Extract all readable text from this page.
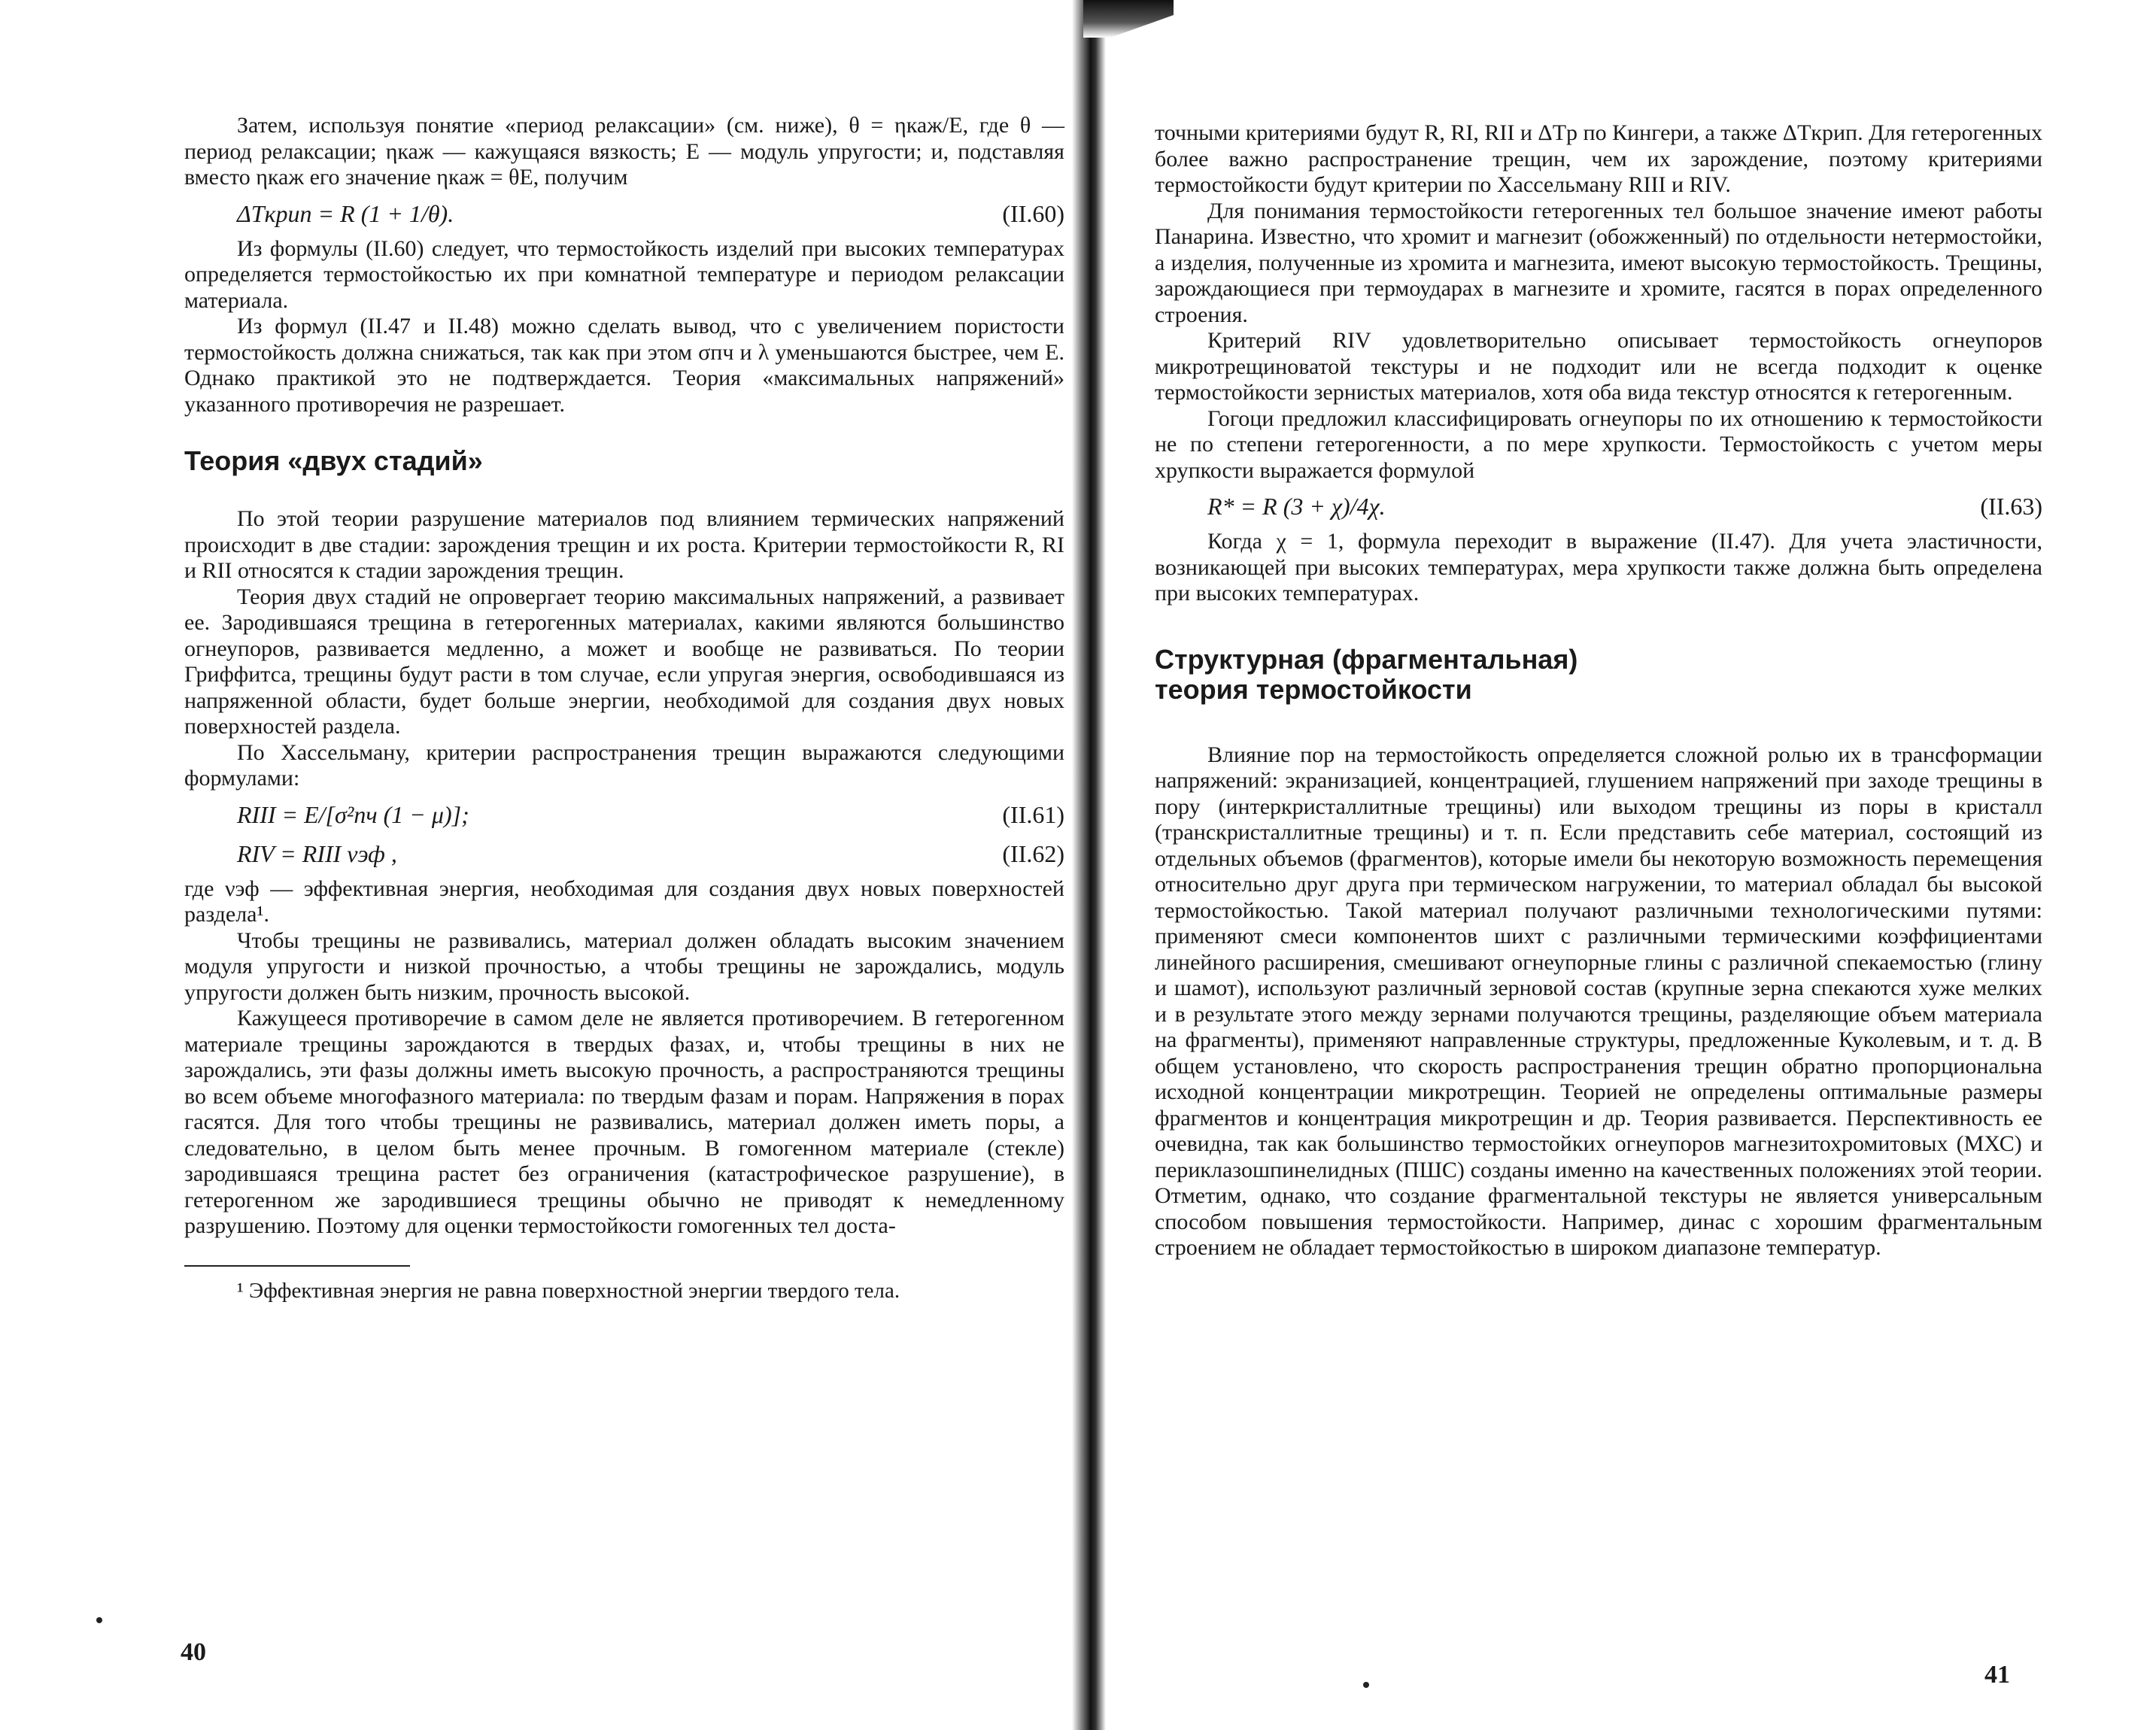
Затем, используя понятие «период релаксации» (см. ниже), θ = ηкаж/E, где θ — период релаксации; ηкаж — кажущаяся вязкость; E — модуль упругости; и, подставляя вместо ηкаж его значение ηкаж = θE, получим

ΔTкрип = R (1 + 1/θ).	(II.60)

Из формулы (II.60) следует, что термостойкость изделий при высоких температурах определяется термостойкостью их при комнатной температуре и периодом релаксации материала.

Из формул (II.47 и II.48) можно сделать вывод, что с увеличением пористости термостойкость должна снижаться, так как при этом σпч и λ уменьшаются быстрее, чем E. Однако практикой это не подтверждается. Теория «максимальных напряжений» указанного противоречия не разрешает.

Теория «двух стадий»

По этой теории разрушение материалов под влиянием термических напряжений происходит в две стадии: зарождения трещин и их роста. Критерии термостойкости R, RI и RII относятся к стадии зарождения трещин.

Теория двух стадий не опровергает теорию максимальных напряжений, а развивает ее. Зародившаяся трещина в гетерогенных материалах, какими являются большинство огнеупоров, развивается медленно, а может и вообще не развиваться. По теории Гриффитса, трещины будут расти в том случае, если упругая энергия, освободившаяся из напряженной области, будет больше энергии, необходимой для создания двух новых поверхностей раздела.

По Хассельману, критерии распространения трещин выражаются следующими формулами:

RIII = E/[σ²пч (1 − μ)];	(II.61)
RIV = RIII νэф ,	(II.62)

где νэф — эффективная энергия, необходимая для создания двух новых поверхностей раздела¹.

Чтобы трещины не развивались, материал должен обладать высоким значением модуля упругости и низкой прочностью, а чтобы трещины не зарождались, модуль упругости должен быть низким, прочность высокой.

Кажущееся противоречие в самом деле не является противоречием. В гетерогенном материале трещины зарождаются в твердых фазах, и, чтобы трещины в них не зарождались, эти фазы должны иметь высокую прочность, а распространяются трещины во всем объеме многофазного материала: по твердым фазам и порам. Напряжения в порах гасятся. Для того чтобы трещины не развивались, материал должен иметь поры, а следовательно, в целом быть менее прочным. В гомогенном материале (стекле) зародившаяся трещина растет без ограничения (катастрофическое разрушение), в гетерогенном же зародившиеся трещины обычно не приводят к немедленному разрушению. Поэтому для оценки термостойкости гомогенных тел доста-

¹ Эффективная энергия не равна поверхностной энергии твердого тела.

40

точными критериями будут R, RI, RII и ΔTp по Кингери, а также ΔTкрип. Для гетерогенных более важно распространение трещин, чем их зарождение, поэтому критериями термостойкости будут критерии по Хассельману RIII и RIV.

Для понимания термостойкости гетерогенных тел большое значение имеют работы Панарина. Известно, что хромит и магнезит (обожженный) по отдельности нетермостойки, а изделия, полученные из хромита и магнезита, имеют высокую термостойкость. Трещины, зарождающиеся при термоударах в магнезите и хромите, гасятся в порах определенного строения.

Критерий RIV удовлетворительно описывает термостойкость огнеупоров микротрещиноватой текстуры и не подходит или не всегда подходит к оценке термостойкости зернистых материалов, хотя оба вида текстур относятся к гетерогенным.

Гогоци предложил классифицировать огнеупоры по их отношению к термостойкости не по степени гетерогенности, а по мере хрупкости. Термостойкость с учетом меры хрупкости выражается формулой

R* = R (3 + χ)/4χ.	(II.63)

Когда χ = 1, формула переходит в выражение (II.47). Для учета эластичности, возникающей при высоких температурах, мера хрупкости также должна быть определена при высоких температурах.

Структурная (фрагментальная)
теория термостойкости

Влияние пор на термостойкость определяется сложной ролью их в трансформации напряжений: экранизацией, концентрацией, глушением напряжений при заходе трещины в пору (интеркристаллитные трещины) или выходом трещины из поры в кристалл (транскристаллитные трещины) и т. п. Если представить себе материал, состоящий из отдельных объемов (фрагментов), которые имели бы некоторую возможность перемещения относительно друг друга при термическом нагружении, то материал обладал бы высокой термостойкостью. Такой материал получают различными технологическими путями: применяют смеси компонентов шихт с различными термическими коэффициентами линейного расширения, смешивают огнеупорные глины с различной спекаемостью (глину и шамот), используют различный зерновой состав (крупные зерна спекаются хуже мелких и в результате этого между зернами получаются трещины, разделяющие объем материала на фрагменты), применяют направленные структуры, предложенные Куколевым, и т. д. В общем установлено, что скорость распространения трещин обратно пропорциональна исходной концентрации микротрещин. Теорией не определены оптимальные размеры фрагментов и концентрация микротрещин и др. Теория развивается. Перспективность ее очевидна, так как большинство термостойких огнеупоров магнезитохромитовых (МХС) и периклазошпинелидных (ПШС) созданы именно на качественных положениях этой теории. Отметим, однако, что создание фрагментальной текстуры не является универсальным способом повышения термостойкости. Например, динас с хорошим фрагментальным строением не обладает термостойкостью в широком диапазоне температур.

41
